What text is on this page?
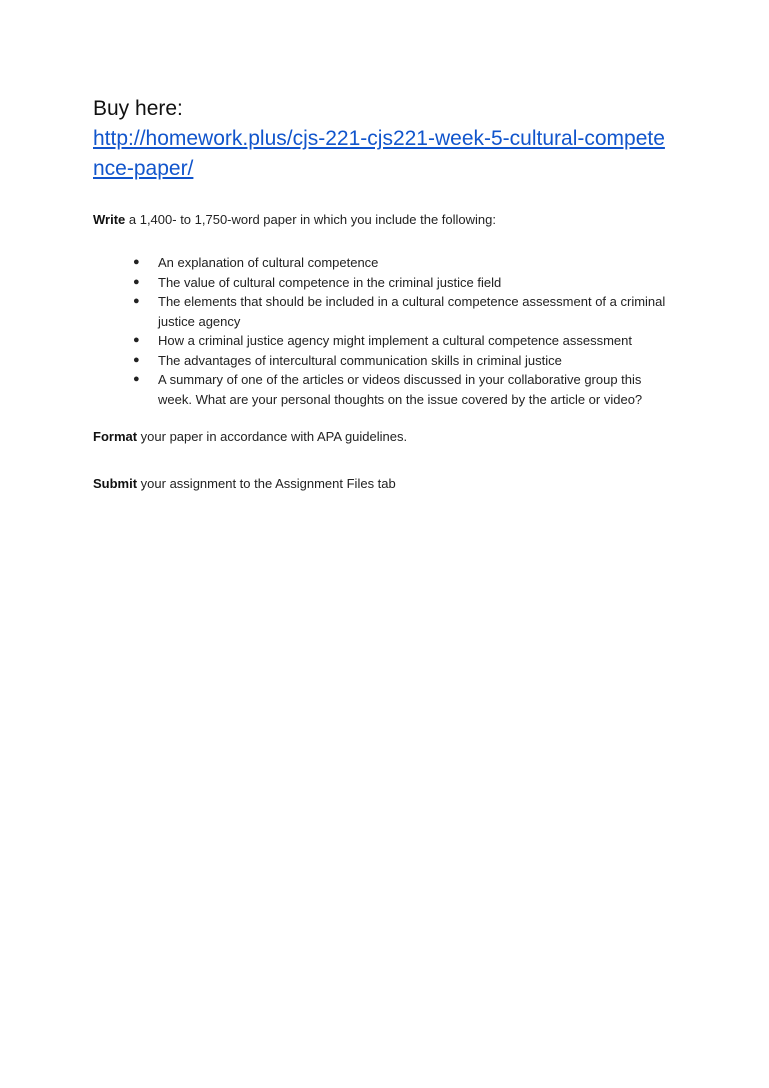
Buy here:

http://homework.plus/cjs-221-cjs221-week-5-cultural-competence-paper/

Write a 1,400- to 1,750-word paper in which you include the following:

● An explanation of cultural competence
● The value of cultural competence in the criminal justice field
● The elements that should be included in a cultural competence assessment of a criminal justice agency
● How a criminal justice agency might implement a cultural competence assessment
● The advantages of intercultural communication skills in criminal justice
● A summary of one of the articles or videos discussed in your collaborative group this week. What are your personal thoughts on the issue covered by the article or video?

Format your paper in accordance with APA guidelines.

Submit your assignment to the Assignment Files tab
